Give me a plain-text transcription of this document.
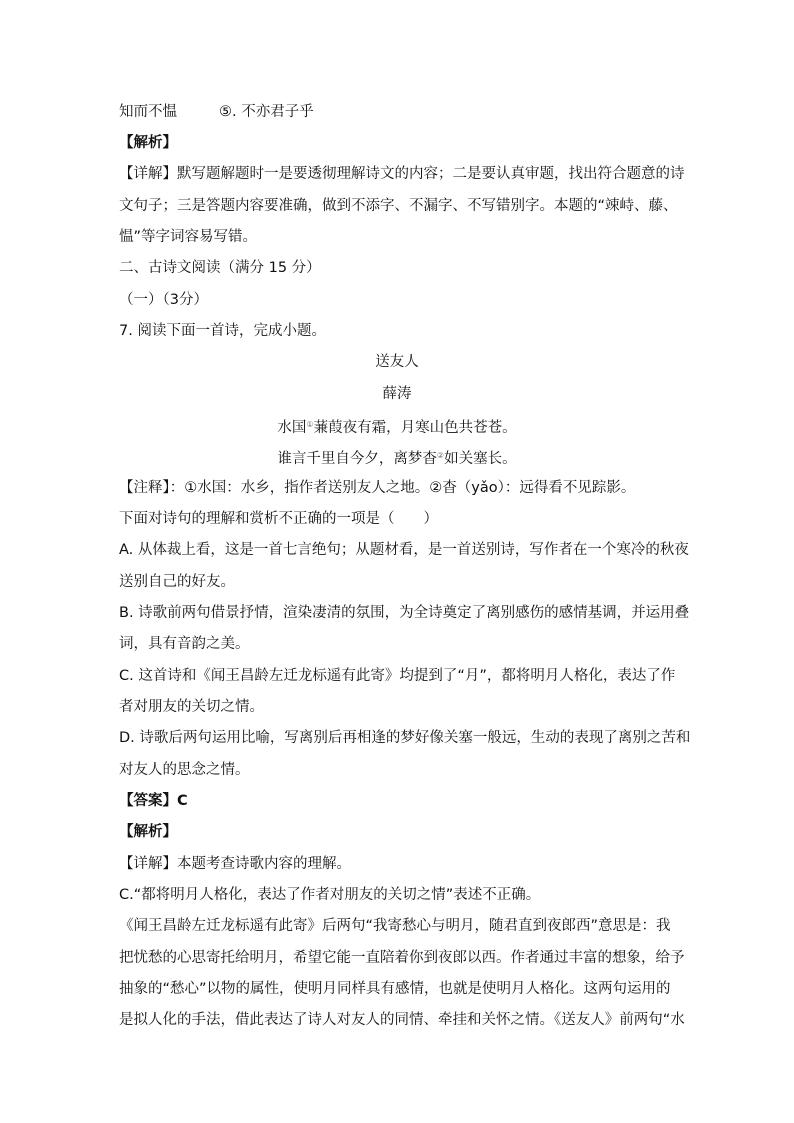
知而不愠	⑤. 不亦君子乎
【解析】
【详解】默写题解题时一是要透彻理解诗文的内容；二是要认真审题，找出符合题意的诗
文句子；三是答题内容要准确，做到不添字、不漏字、不写错别字。本题的“竦峙、藤、
愠”等字词容易写错。
二、古诗文阅读（满分 15 分）
（一）（3分）
7. 阅读下面一首诗，完成小题。
送友人
薛涛
水国①蒹葭夜有霜，月寒山色共苍苍。
谁言千里自今夕，离梦杳②如关塞长。
【注释】：①水国：水乡，指作者送别友人之地。②杳（yǎo）：远得看不见踪影。
下面对诗句的理解和赏析不正确的一项是（　　）
A. 从体裁上看，这是一首七言绝句；从题材看，是一首送别诗，写作者在一个寒冷的秋夜
送别自己的好友。
B. 诗歌前两句借景抒情，渲染凄清的氛围，为全诗奠定了离别感伤的感情基调，并运用叠
词，具有音韵之美。
C. 这首诗和《闻王昌龄左迁龙标遥有此寄》均提到了“月”，都将明月人格化，表达了作
者对朋友的关切之情。
D. 诗歌后两句运用比喻，写离别后再相逢的梦好像关塞一般远，生动的表现了离别之苦和
对友人的思念之情。
【答案】C
【解析】
【详解】本题考查诗歌内容的理解。
C.“都将明月人格化，表达了作者对朋友的关切之情”表述不正确。
《闻王昌龄左迁龙标遥有此寄》后两句“我寄愁心与明月，随君直到夜郎西”意思是：我
把忧愁的心思寄托给明月，希望它能一直陪着你到夜郎以西。作者通过丰富的想象，给予
抽象的“愁心”以物的属性，使明月同样具有感情，也就是使明月人格化。这两句运用的
是拟人化的手法，借此表达了诗人对友人的同情、牵挂和关怀之情。《送友人》前两句“水
